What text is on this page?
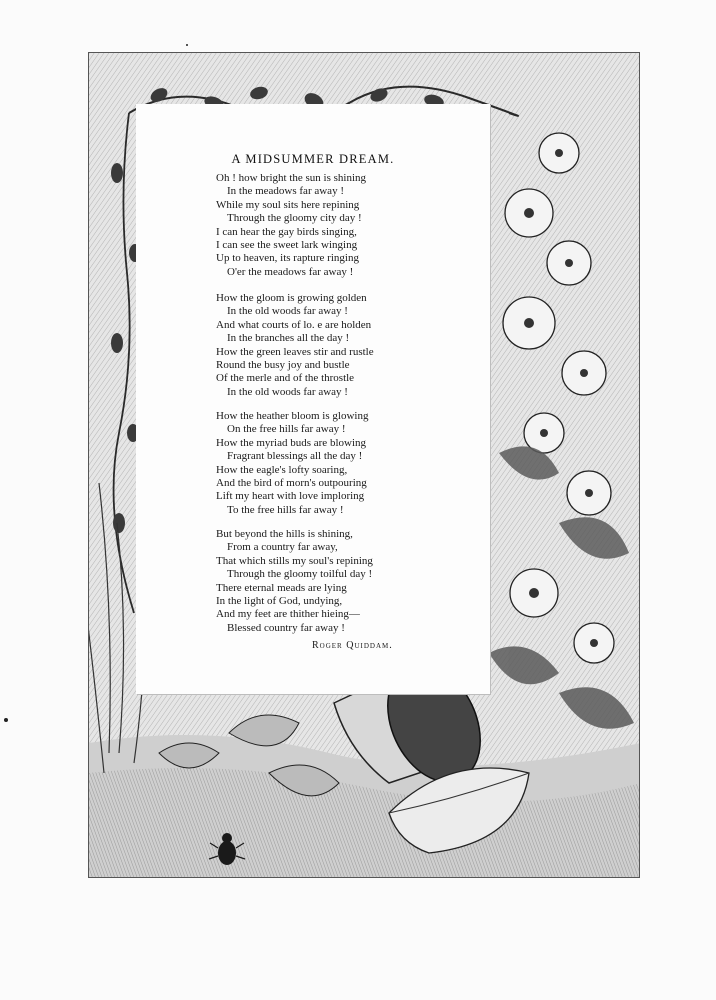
A MIDSUMMER DREAM.
Oh ! how bright the sun is shining
In the meadows far away !
While my soul sits here repining
Through the gloomy city day !
I can hear the gay birds singing,
I can see the sweet lark winging
Up to heaven, its rapture ringing
O'er the meadows far away !
How the gloom is growing golden
In the old woods far away !
And what courts of lo. e are holden
In the branches all the day !
How the green leaves stir and rustle
Round the busy joy and bustle
Of the merle and of the throstle
In the old woods far away !
How the heather bloom is glowing
On the free hills far away !
How the myriad buds are blowing
Fragrant blessings all the day !
How the eagle's lofty soaring,
And the bird of morn's outpouring
Lift my heart with love imploring
To the free hills far away !
But beyond the hills is shining,
From a country far away,
That which stills my soul's repining
Through the gloomy toilful day !
There eternal meads are lying
In the light of God, undying,
And my feet are thither hieing—
Blessed country far away !
Roger Quiddam.
